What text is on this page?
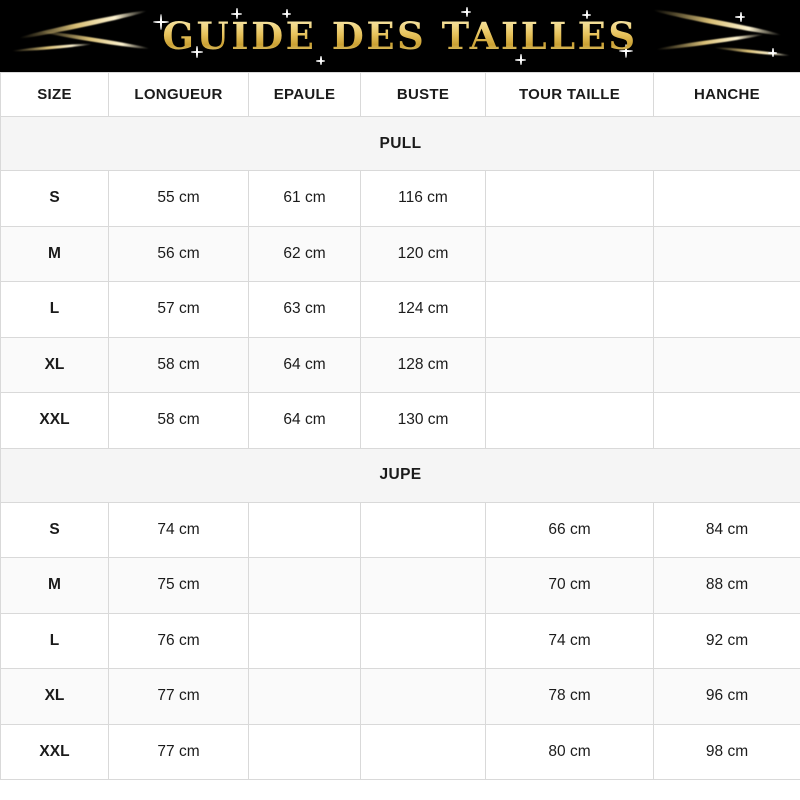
GUIDE DES TAILLES
SIZE	LONGUEUR	EPAULE	BUSTE	TOUR TAILLE	HANCHE
PULL					
S	55 cm	61 cm	116 cm		
M	56 cm	62 cm	120 cm		
L	57 cm	63 cm	124 cm		
XL	58 cm	64 cm	128 cm		
XXL	58 cm	64 cm	130 cm		
JUPE					
S	74 cm			66 cm	84 cm
M	75 cm			70 cm	88 cm
L	76 cm			74 cm	92 cm
XL	77 cm			78 cm	96 cm
XXL	77 cm			80 cm	98 cm
